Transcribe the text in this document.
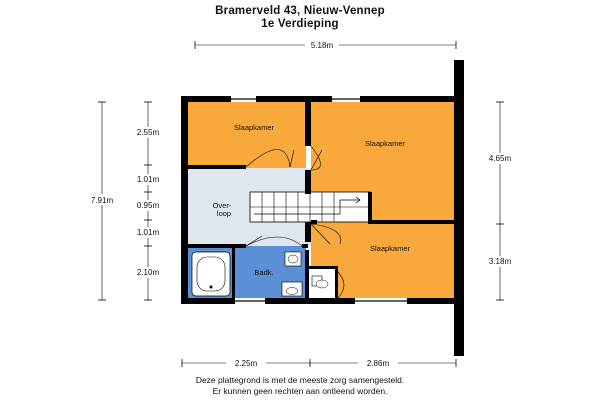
Bramerveld 43, Nieuw-Vennep
1e Verdieping
5.18m
7.91m
2.55m
1.01m
0.95m
1.01m
2.10m
4.65m
3.18m
2.25m	2.86m
Slaapkamer
Slaapkamer
Slaapkamer
Over-
loop
Badk.
Deze plattegrond is met de meeste zorg samengesteld.
Er kunnen geen rechten aan ontleend worden.
